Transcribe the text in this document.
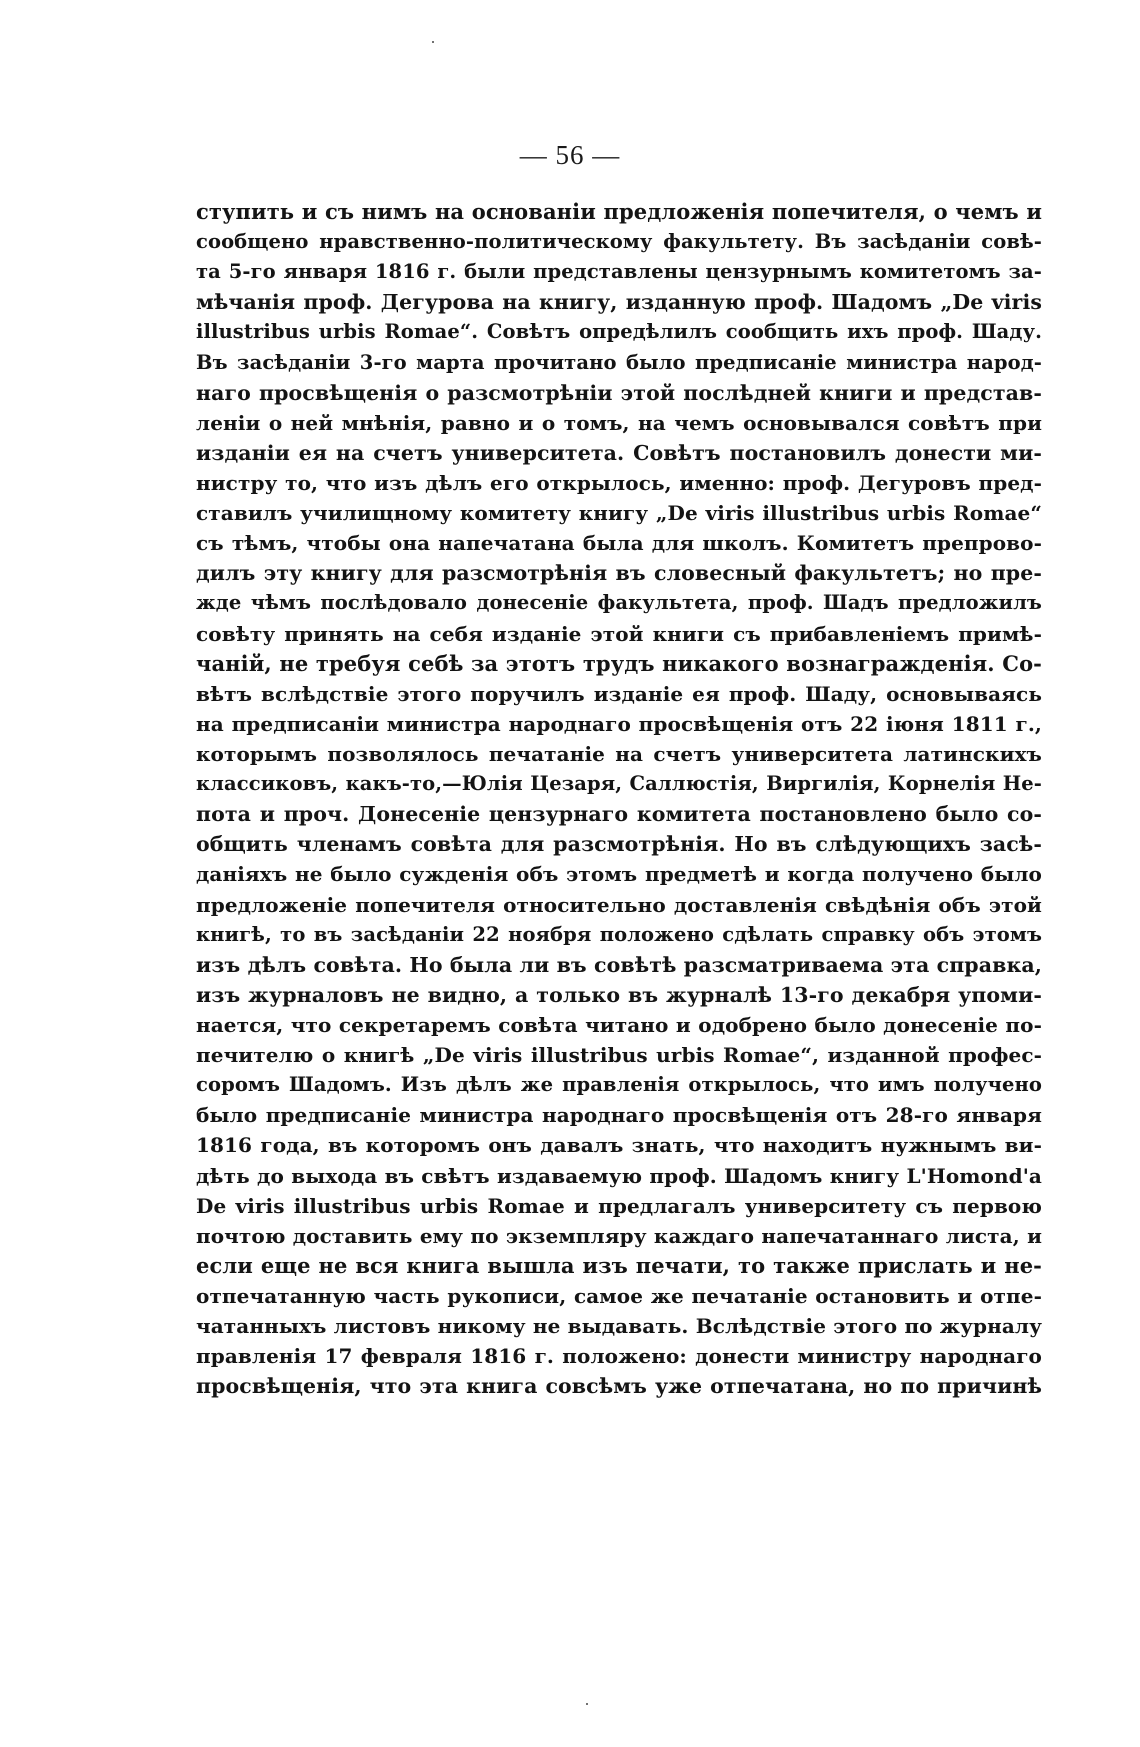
— 56 —
ступить и съ нимъ на основаніи предложенія попечителя, о чемъ и
сообщено нравственно-политическому факультету. Въ засѣданіи совѣ-
та 5-го января 1816 г. были представлены цензурнымъ комитетомъ за-
мѣчанія проф. Дегурова на книгу, изданную проф. Шадомъ „De viris
illustribus urbis Romae“. Совѣтъ опредѣлилъ сообщить ихъ проф. Шаду.
Въ засѣданіи 3-го марта прочитано было предписаніе министра народ-
наго просвѣщенія о разсмотрѣніи этой послѣдней книги и представ-
леніи о ней мнѣнія, равно и о томъ, на чемъ основывался совѣтъ при
изданіи ея на счетъ университета. Совѣтъ постановилъ донести ми-
нистру то, что изъ дѣлъ его открылось, именно: проф. Дегуровъ пред-
ставилъ училищному комитету книгу „De viris illustribus urbis Romae“
съ тѣмъ, чтобы она напечатана была для школъ. Комитетъ препрово-
дилъ эту книгу для разсмотрѣнія въ словесный факультетъ; но пре-
жде чѣмъ послѣдовало донесеніе факультета, проф. Шадъ предложилъ
совѣту принять на себя изданіе этой книги съ прибавленіемъ примѣ-
чаній, не требуя себѣ за этотъ трудъ никакого вознагражденія. Со-
вѣтъ вслѣдствіе этого поручилъ изданіе ея проф. Шаду, основываясь
на предписаніи министра народнаго просвѣщенія отъ 22 іюня 1811 г.,
которымъ позволялось печатаніе на счетъ университета латинскихъ
классиковъ, какъ-то,—Юлія Цезаря, Саллюстія, Виргилія, Корнелія Не-
пота и проч. Донесеніе цензурнаго комитета постановлено было со-
общить членамъ совѣта для разсмотрѣнія. Но въ слѣдующихъ засѣ-
даніяхъ не было сужденія объ этомъ предметѣ и когда получено было
предложеніе попечителя относительно доставленія свѣдѣнія объ этой
книгѣ, то въ засѣданіи 22 ноября положено сдѣлать справку объ этомъ
изъ дѣлъ совѣта. Но была ли въ совѣтѣ разсматриваема эта справка,
изъ журналовъ не видно, а только въ журналѣ 13-го декабря упоми-
нается, что секретаремъ совѣта читано и одобрено было донесеніе по-
печителю о книгѣ „De viris illustribus urbis Romae“, изданной профес-
соромъ Шадомъ. Изъ дѣлъ же правленія открылось, что имъ получено
было предписаніе министра народнаго просвѣщенія отъ 28-го января
1816 года, въ которомъ онъ давалъ знать, что находитъ нужнымъ ви-
дѣть до выхода въ свѣтъ издаваемую проф. Шадомъ книгу L'Homond'a
De viris illustribus urbis Romae и предлагалъ университету съ первою
почтою доставить ему по экземпляру каждаго напечатаннаго листа, и
если еще не вся книга вышла изъ печати, то также прислать и не-
отпечатанную часть рукописи, самое же печатаніе остановить и отпе-
чатанныхъ листовъ никому не выдавать. Вслѣдствіе этого по журналу
правленія 17 февраля 1816 г. положено: донести министру народнаго
просвѣщенія, что эта книга совсѣмъ уже отпечатана, но по причинѣ
